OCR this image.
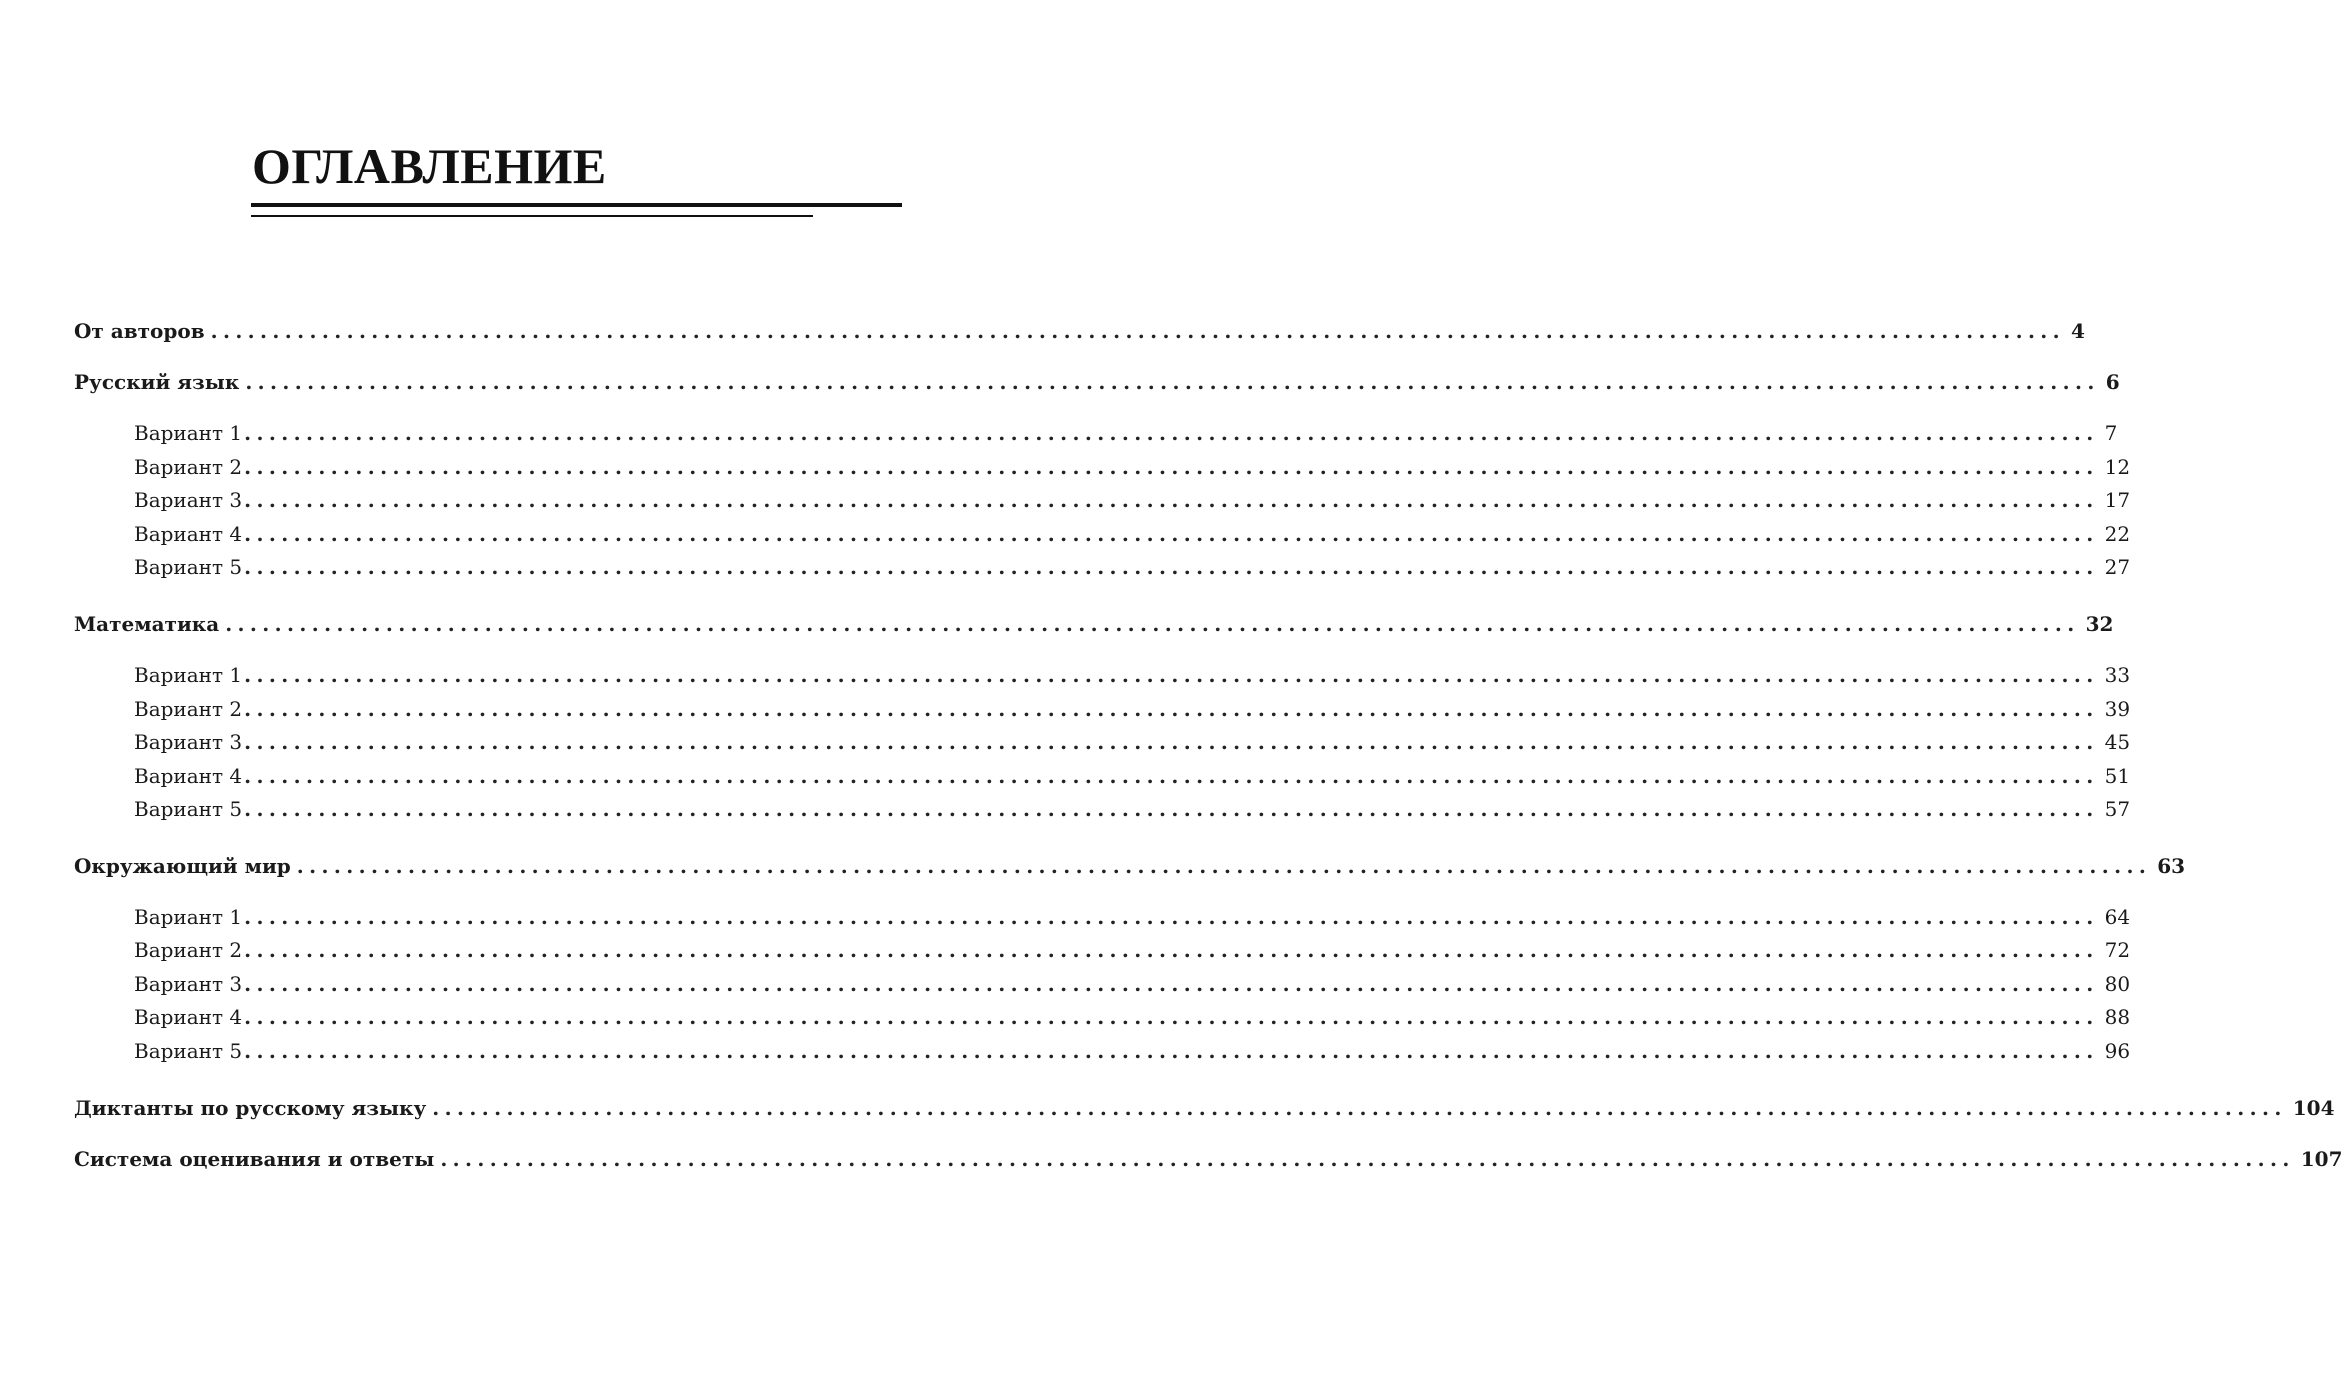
ОГЛАВЛЕНИЕ
От авторов ...................................................................................................................................................... 4
Русский язык ...................................................................................................................................................... 6
Вариант 1 ...................................................................................................................................................... 7
Вариант 2 ...................................................................................................................................................... 12
Вариант 3 ...................................................................................................................................................... 17
Вариант 4 ...................................................................................................................................................... 22
Вариант 5 ...................................................................................................................................................... 27
Математика ...................................................................................................................................................... 32
Вариант 1 ...................................................................................................................................................... 33
Вариант 2 ...................................................................................................................................................... 39
Вариант 3 ...................................................................................................................................................... 45
Вариант 4 ...................................................................................................................................................... 51
Вариант 5 ...................................................................................................................................................... 57
Окружающий мир ...................................................................................................................................................... 63
Вариант 1 ...................................................................................................................................................... 64
Вариант 2 ...................................................................................................................................................... 72
Вариант 3 ...................................................................................................................................................... 80
Вариант 4 ...................................................................................................................................................... 88
Вариант 5 ...................................................................................................................................................... 96
Диктанты по русскому языку ...................................................................................................................................................... 104
Система оценивания и ответы ...................................................................................................................................................... 107
